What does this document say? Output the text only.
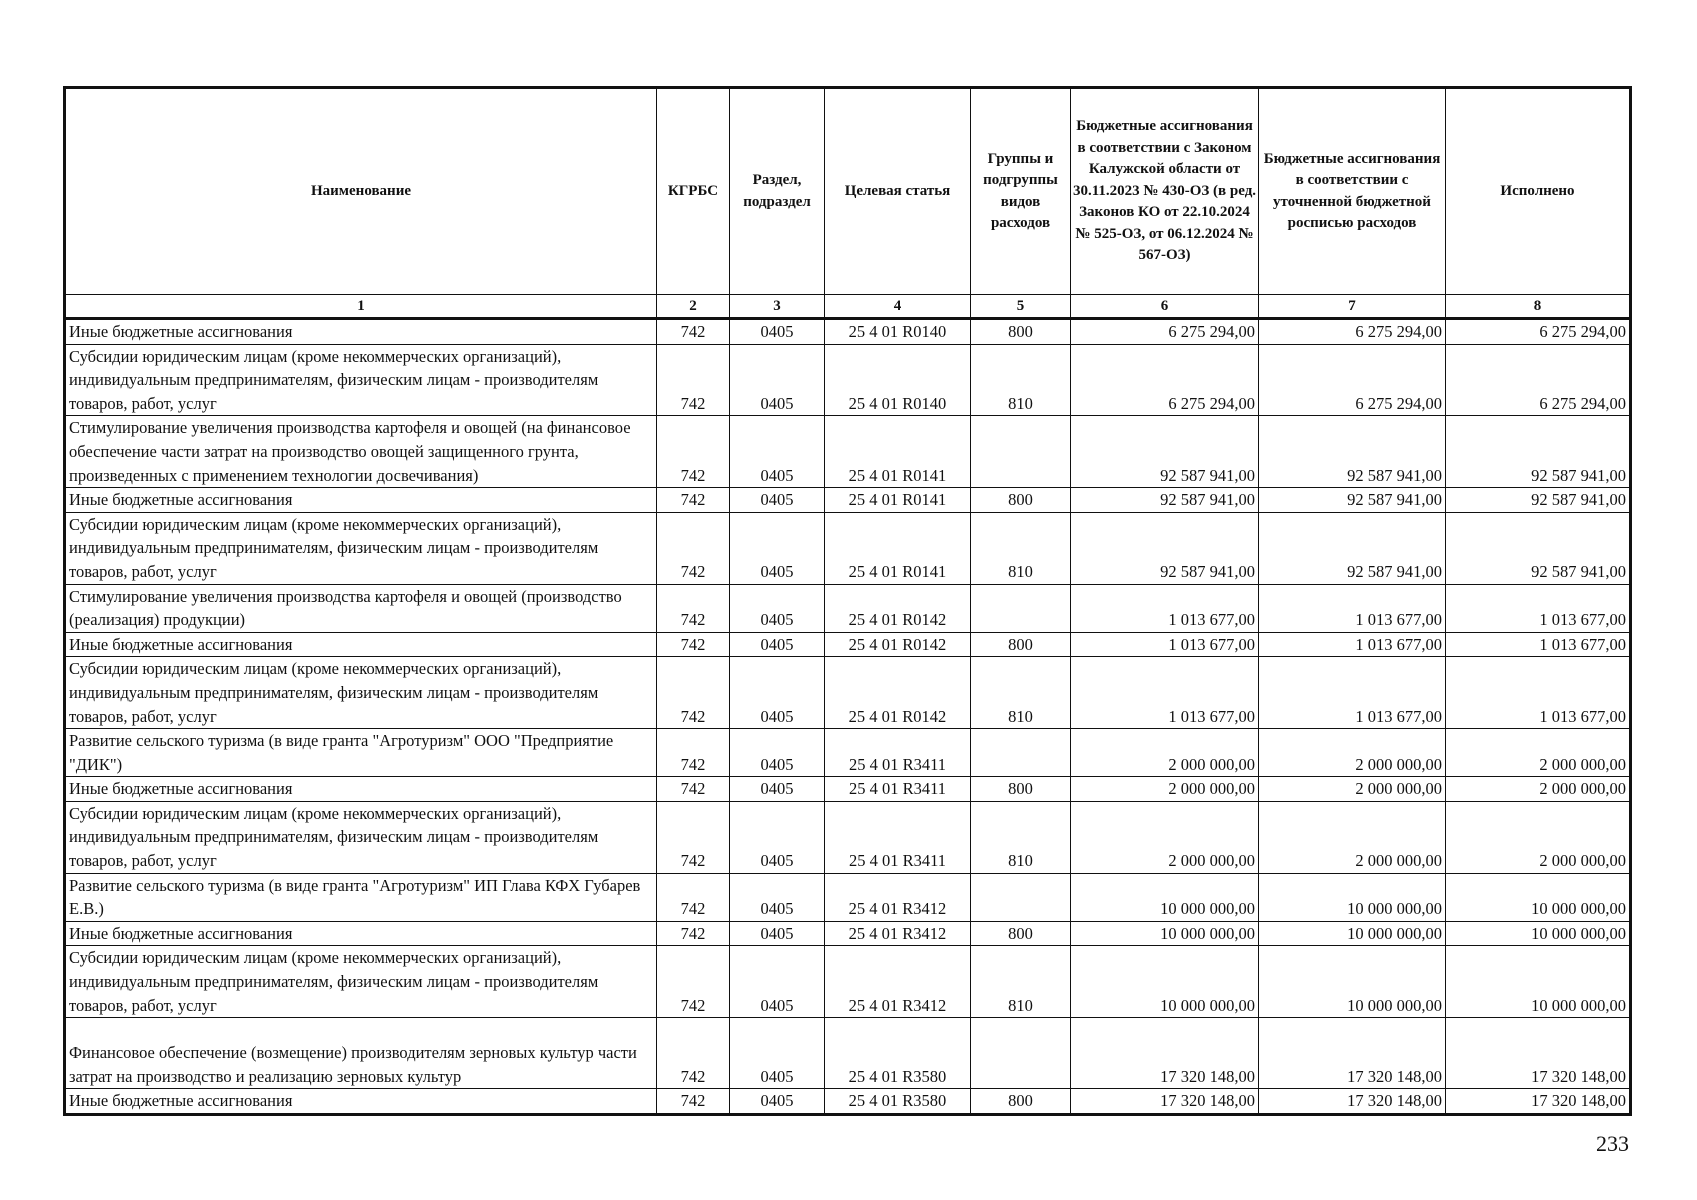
Наименование	КГРБС	Раздел, подраздел	Целевая статья	Группы и подгруппы видов расходов	Бюджетные ассигнования в соответствии с Законом Калужской области от 30.11.2023 № 430-ОЗ (в ред. Законов КО от 22.10.2024 № 525-ОЗ, от 06.12.2024 № 567-ОЗ)	Бюджетные ассигнования в соответствии с уточненной бюджетной росписью расходов	Исполнено
1	2	3	4	5	6	7	8
Иные бюджетные ассигнования	742	0405	25 4 01 R0140	800	6 275 294,00	6 275 294,00	6 275 294,00
Субсидии юридическим лицам (кроме некоммерческих организаций), индивидуальным предпринимателям, физическим лицам - производителям товаров, работ, услуг	742	0405	25 4 01 R0140	810	6 275 294,00	6 275 294,00	6 275 294,00
Стимулирование увеличения производства картофеля и овощей (на финансовое обеспечение части затрат на производство овощей защищенного грунта, произведенных с применением технологии досвечивания)	742	0405	25 4 01 R0141		92 587 941,00	92 587 941,00	92 587 941,00
Иные бюджетные ассигнования	742	0405	25 4 01 R0141	800	92 587 941,00	92 587 941,00	92 587 941,00
Субсидии юридическим лицам (кроме некоммерческих организаций), индивидуальным предпринимателям, физическим лицам - производителям товаров, работ, услуг	742	0405	25 4 01 R0141	810	92 587 941,00	92 587 941,00	92 587 941,00
Стимулирование увеличения производства картофеля и овощей (производство (реализация) продукции)	742	0405	25 4 01 R0142		1 013 677,00	1 013 677,00	1 013 677,00
Иные бюджетные ассигнования	742	0405	25 4 01 R0142	800	1 013 677,00	1 013 677,00	1 013 677,00
Субсидии юридическим лицам (кроме некоммерческих организаций), индивидуальным предпринимателям, физическим лицам - производителям товаров, работ, услуг	742	0405	25 4 01 R0142	810	1 013 677,00	1 013 677,00	1 013 677,00
Развитие сельского туризма (в виде гранта "Агротуризм" ООО "Предприятие "ДИК")	742	0405	25 4 01 R3411		2 000 000,00	2 000 000,00	2 000 000,00
Иные бюджетные ассигнования	742	0405	25 4 01 R3411	800	2 000 000,00	2 000 000,00	2 000 000,00
Субсидии юридическим лицам (кроме некоммерческих организаций), индивидуальным предпринимателям, физическим лицам - производителям товаров, работ, услуг	742	0405	25 4 01 R3411	810	2 000 000,00	2 000 000,00	2 000 000,00
Развитие сельского туризма (в виде гранта "Агротуризм" ИП Глава КФХ Губарев Е.В.)	742	0405	25 4 01 R3412		10 000 000,00	10 000 000,00	10 000 000,00
Иные бюджетные ассигнования	742	0405	25 4 01 R3412	800	10 000 000,00	10 000 000,00	10 000 000,00
Субсидии юридическим лицам (кроме некоммерческих организаций), индивидуальным предпринимателям, физическим лицам - производителям товаров, работ, услуг	742	0405	25 4 01 R3412	810	10 000 000,00	10 000 000,00	10 000 000,00
Финансовое обеспечение (возмещение) производителям зерновых культур части затрат на производство и реализацию зерновых культур	742	0405	25 4 01 R3580		17 320 148,00	17 320 148,00	17 320 148,00
Иные бюджетные ассигнования	742	0405	25 4 01 R3580	800	17 320 148,00	17 320 148,00	17 320 148,00
233
